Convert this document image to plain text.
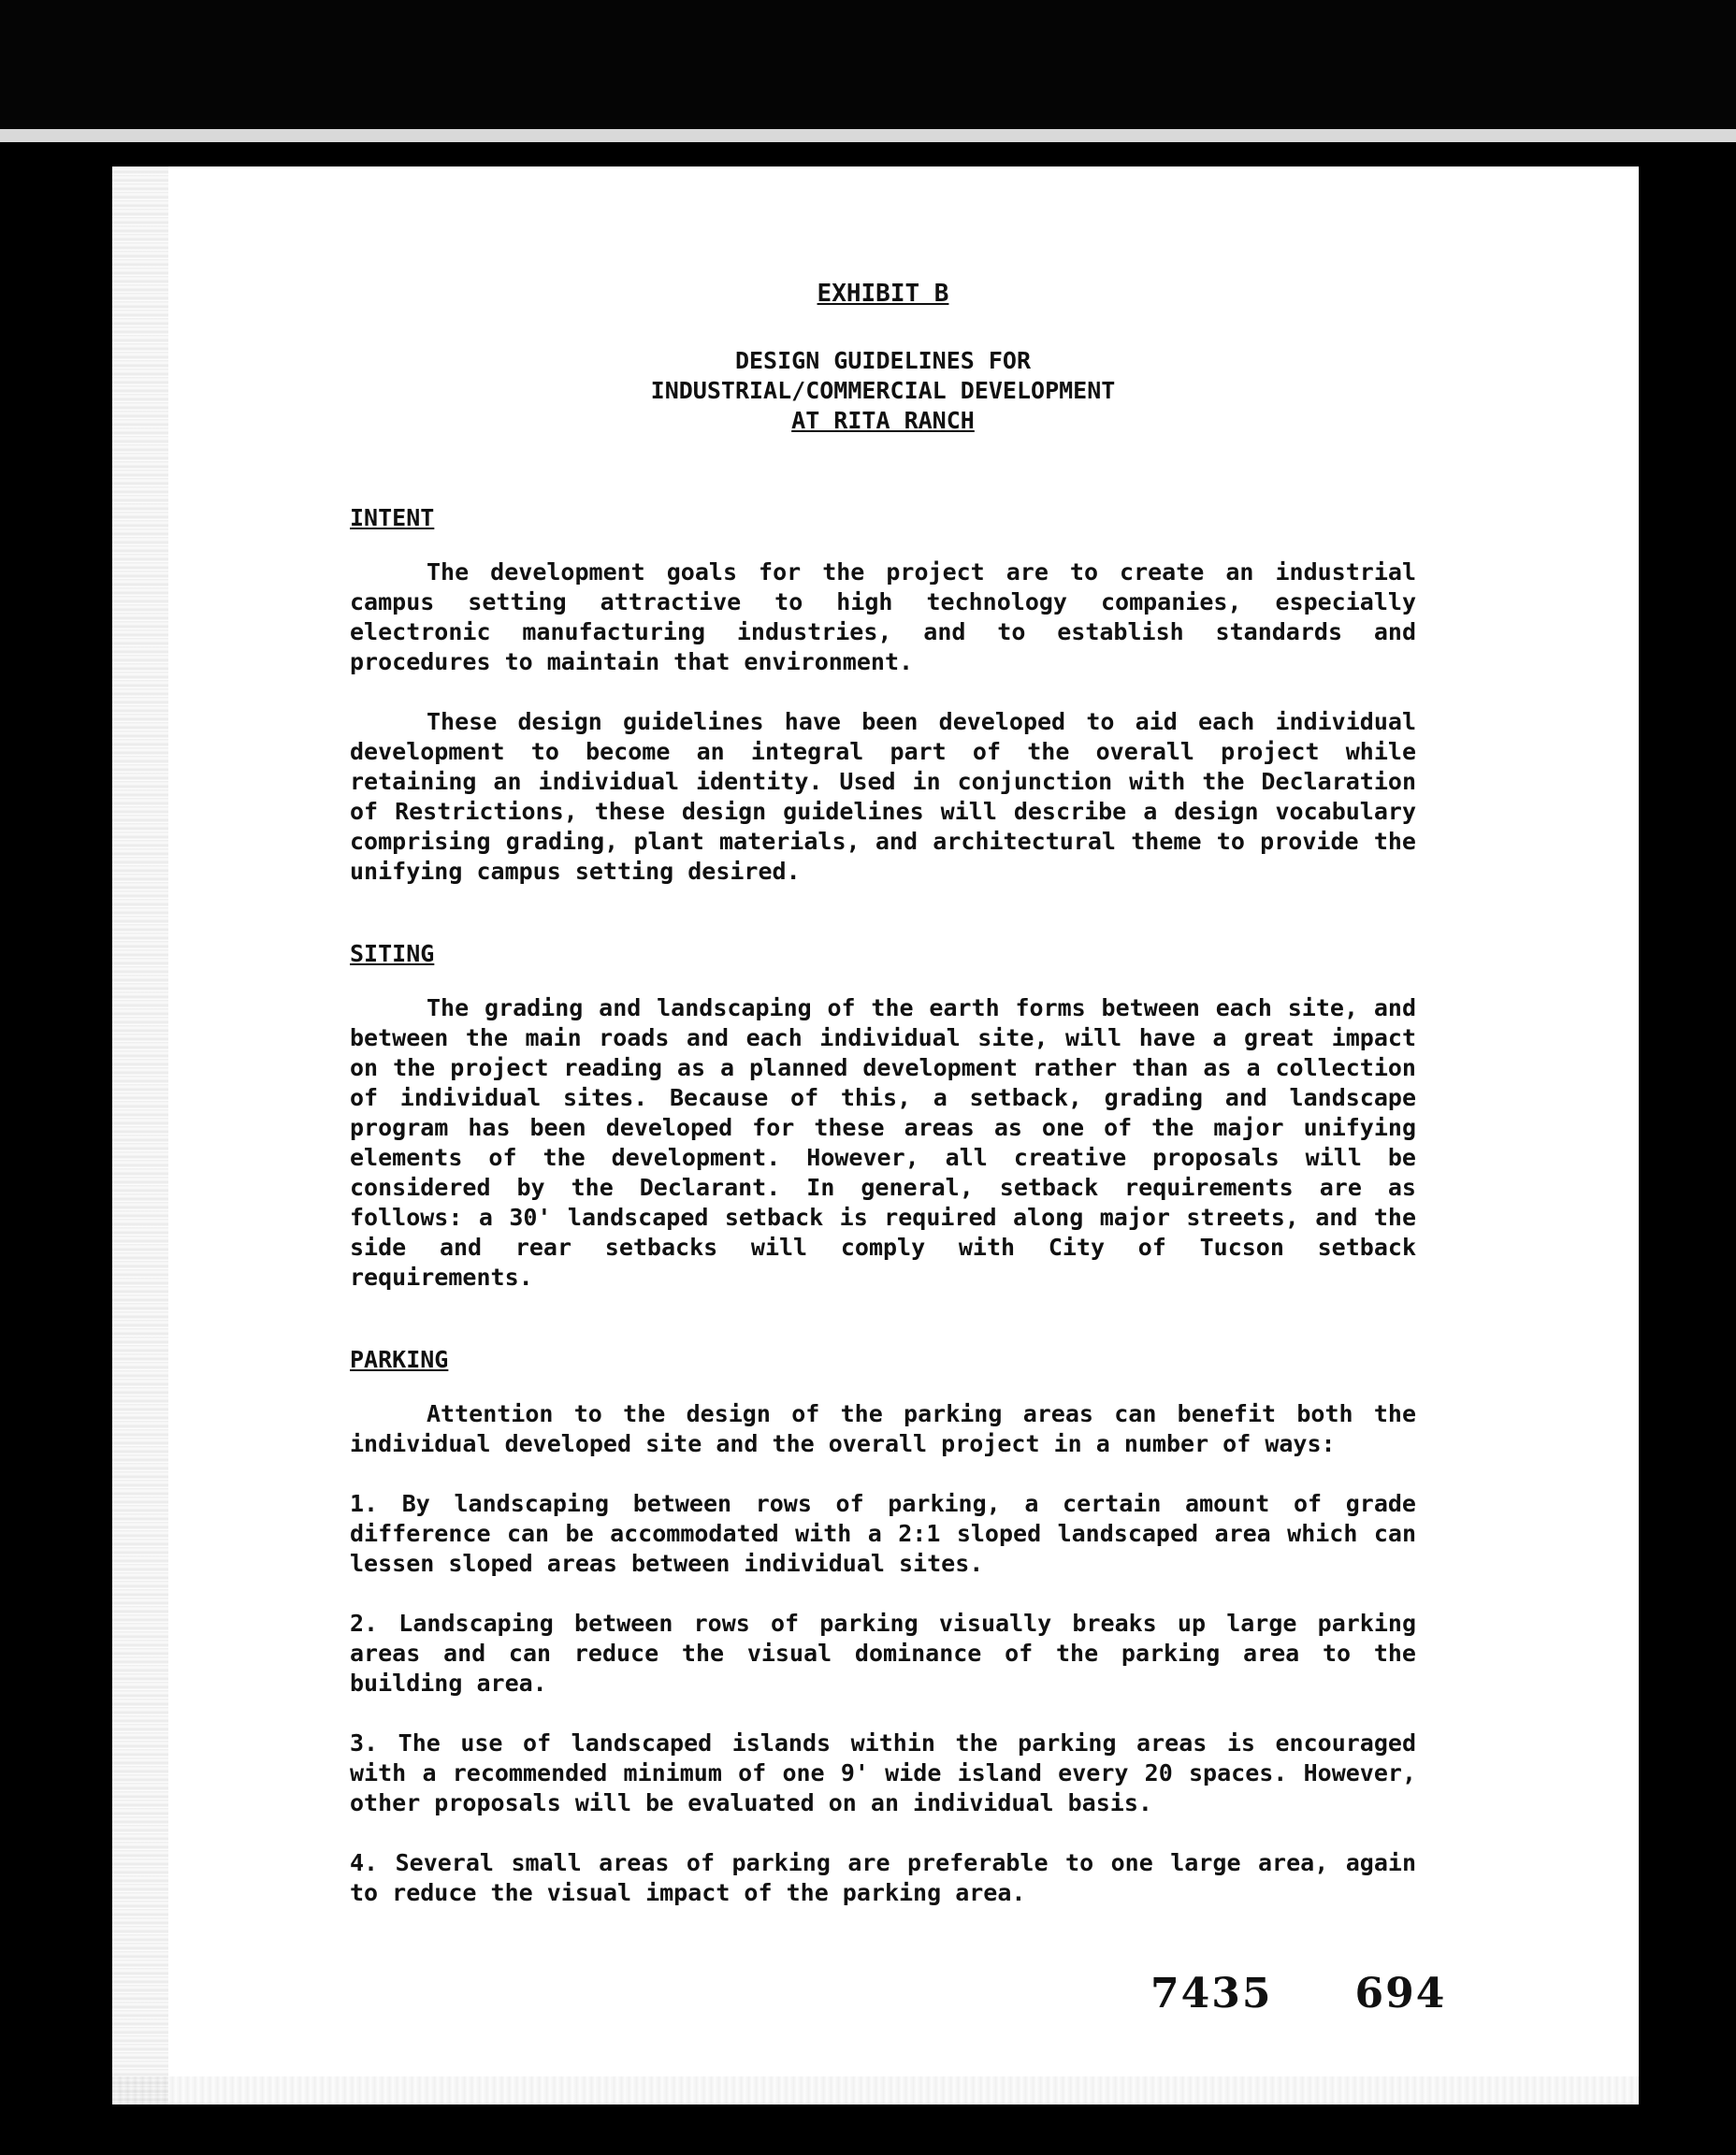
EXHIBIT B
DESIGN GUIDELINES FOR
INDUSTRIAL/COMMERCIAL DEVELOPMENT
AT RITA RANCH
INTENT

The development goals for the project are to create an industrial campus setting attractive to high technology companies, especially electronic manufacturing industries, and to establish standards and procedures to maintain that environment.

These design guidelines have been developed to aid each individual development to become an integral part of the overall project while retaining an individual identity. Used in conjunction with the Declaration of Restrictions, these design guidelines will describe a design vocabulary comprising grading, plant materials, and architectural theme to provide the unifying campus setting desired.

SITING

The grading and landscaping of the earth forms between each site, and between the main roads and each individual site, will have a great impact on the project reading as a planned development rather than as a collection of individual sites. Because of this, a setback, grading and landscape program has been developed for these areas as one of the major unifying elements of the development. However, all creative proposals will be considered by the Declarant. In general, setback requirements are as follows: a 30' landscaped setback is required along major streets, and the side and rear setbacks will comply with City of Tucson setback requirements.

PARKING

Attention to the design of the parking areas can benefit both the individual developed site and the overall project in a number of ways:

1. By landscaping between rows of parking, a certain amount of grade difference can be accommodated with a 2:1 sloped landscaped area which can lessen sloped areas between individual sites.

2. Landscaping between rows of parking visually breaks up large parking areas and can reduce the visual dominance of the parking area to the building area.

3. The use of landscaped islands within the parking areas is encouraged with a recommended minimum of one 9' wide island every 20 spaces. However, other proposals will be evaluated on an individual basis.

4. Several small areas of parking are preferable to one large area, again to reduce the visual impact of the parking area.

7435 694
